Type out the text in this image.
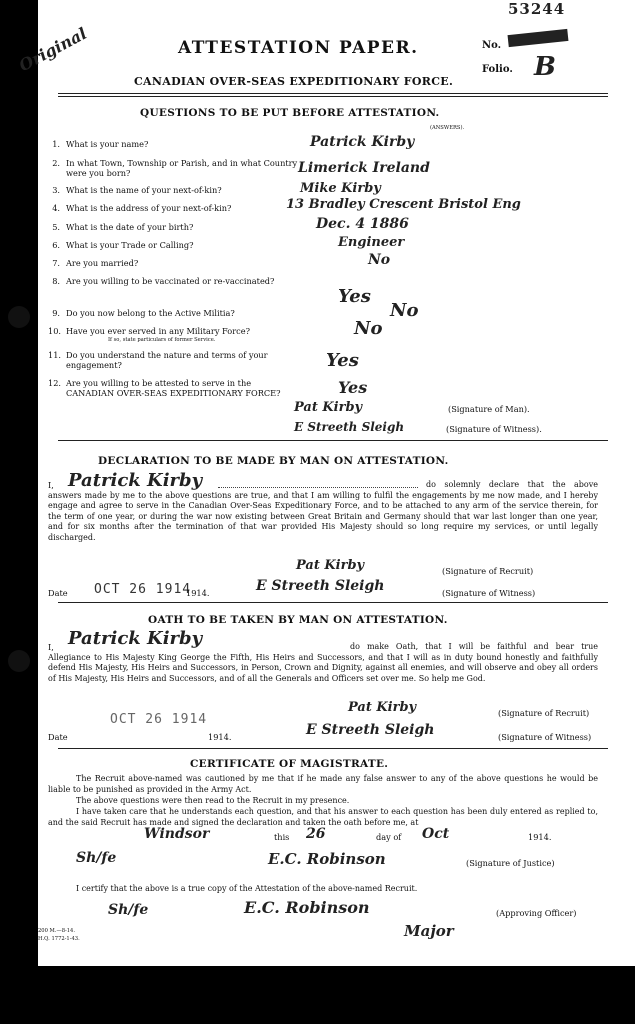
53244
Original	ATTESTATION PAPER.
CANADIAN OVER-SEAS EXPEDITIONARY FORCE.
No.
Folio. B
QUESTIONS TO BE PUT BEFORE ATTESTATION.
(ANSWERS).
1. What is your name?	Patrick Kirby
2. In what Town, Township or Parish, and in what Country were you born?	Limerick Ireland
3. What is the name of your next-of-kin?	Mike Kirby
4. What is the address of your next-of-kin?	13 Bradley Crescent Bristol Eng
5. What is the date of your birth?	Dec. 4 1886
6. What is your Trade or Calling?	Engineer
7. Are you married?	No
8. Are you willing to be vaccinated or re-vaccinated?
Yes
9. Do you now belong to the Active Militia?	No
10. Have you ever served in any Military Force?
If so, state particulars of former Service.
No
11. Do you understand the nature and terms of your engagement?	Yes
12. Are you willing to be attested to serve in the CANADIAN OVER-SEAS EXPEDITIONARY FORCE?	Yes
Pat Kirby	(Signature of Man).
E Streeth Sleigh	(Signature of Witness).
DECLARATION TO BE MADE BY MAN ON ATTESTATION.
I, Patrick Kirby	do solemnly declare that the above answers made by me to the above questions are true, and that I am willing to fulfil the engagements by me now made, and I hereby engage and agree to serve in the Canadian Over-Seas Expeditionary Force, and to be attached to any arm of the service therein, for the term of one year, or during the war now existing between Great Britain and Germany should that war last longer than one year, and for six months after the termination of that war provided His Majesty should so long require my services, or until legally discharged.
Pat Kirby	(Signature of Recruit)
Date OCT 26 1914
1914.	E Streeth Sleigh	(Signature of Witness)
OATH TO BE TAKEN BY MAN ON ATTESTATION.
I, Patrick Kirby	do make Oath, that I will be faithful and bear true Allegiance to His Majesty King George the Fifth, His Heirs and Successors, and that I will as in duty bound honestly and faithfully defend His Majesty, His Heirs and Successors, in Person, Crown and Dignity, against all enemies, and will observe and obey all orders of His Majesty, His Heirs and Successors, and of all the Generals and Officers set over me. So help me God.
Pat Kirby	(Signature of Recruit)
OCT 26 1914
Date	1914.	E Streeth Sleigh	(Signature of Witness)
CERTIFICATE OF MAGISTRATE.
The Recruit above-named was cautioned by me that if he made any false answer to any of the above questions he would be liable to be punished as provided in the Army Act.
The above questions were then read to the Recruit in my presence.
I have taken care that he understands each question, and that his answer to each question has been duly entered as replied to, and the said Recruit has made and signed the declaration and taken the oath before me, at
Windsor	this 26	day of Oct	1914.
Sh/fe	E.C. Robinson	(Signature of Justice)
I certify that the above is a true copy of the Attestation of the above-named Recruit.
Sh/fe	E.C. Robinson	(Approving Officer)
Major
200 M.—8-14.
H.Q. 1772-1-43.
